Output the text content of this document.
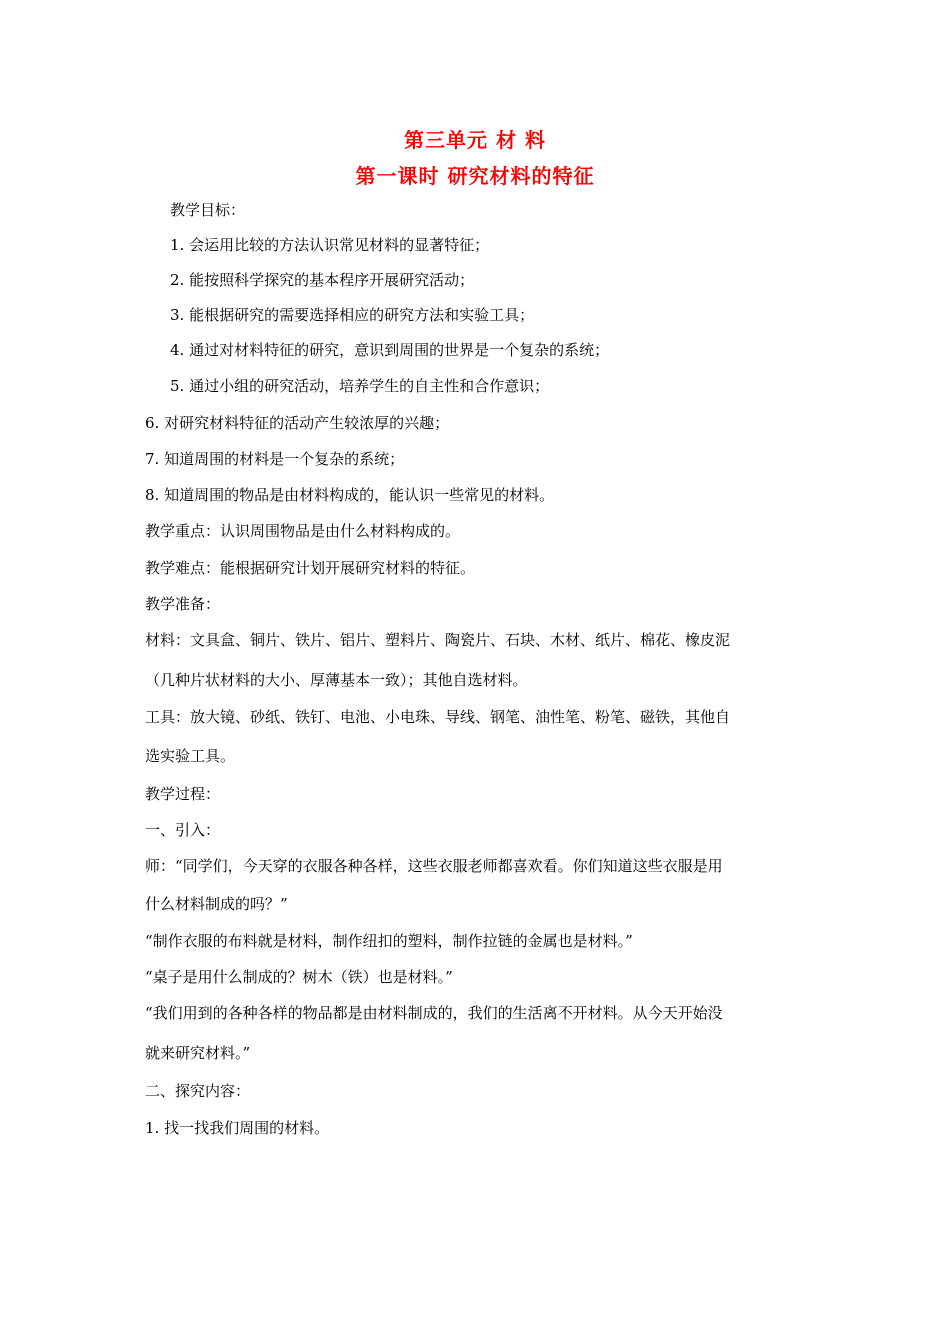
第三单元 材 料
第一课时 研究材料的特征
教学目标：
1. 会运用比较的方法认识常见材料的显著特征；
2. 能按照科学探究的基本程序开展研究活动；
3. 能根据研究的需要选择相应的研究方法和实验工具；
4. 通过对材料特征的研究，意识到周围的世界是一个复杂的系统；
5. 通过小组的研究活动，培养学生的自主性和合作意识；
6. 对研究材料特征的活动产生较浓厚的兴趣；
7. 知道周围的材料是一个复杂的系统；
8. 知道周围的物品是由材料构成的，能认识一些常见的材料。
教学重点：认识周围物品是由什么材料构成的。
教学难点：能根据研究计划开展研究材料的特征。
教学准备：
材料：文具盒、铜片、铁片、铝片、塑料片、陶瓷片、石块、木材、纸片、棉花、橡皮泥
（几种片状材料的大小、厚薄基本一致）；其他自选材料。
工具：放大镜、砂纸、铁钉、电池、小电珠、导线、钢笔、油性笔、粉笔、磁铁，其他自
选实验工具。
教学过程：
一、引入：
师：“同学们，今天穿的衣服各种各样，这些衣服老师都喜欢看。你们知道这些衣服是用
什么材料制成的吗？”
“制作衣服的布料就是材料，制作纽扣的塑料，制作拉链的金属也是材料。”
“桌子是用什么制成的？树木（铁）也是材料。”
“我们用到的各种各样的物品都是由材料制成的，我们的生活离不开材料。从今天开始没
就来研究材料。”
二、探究内容：
1. 找一找我们周围的材料。
